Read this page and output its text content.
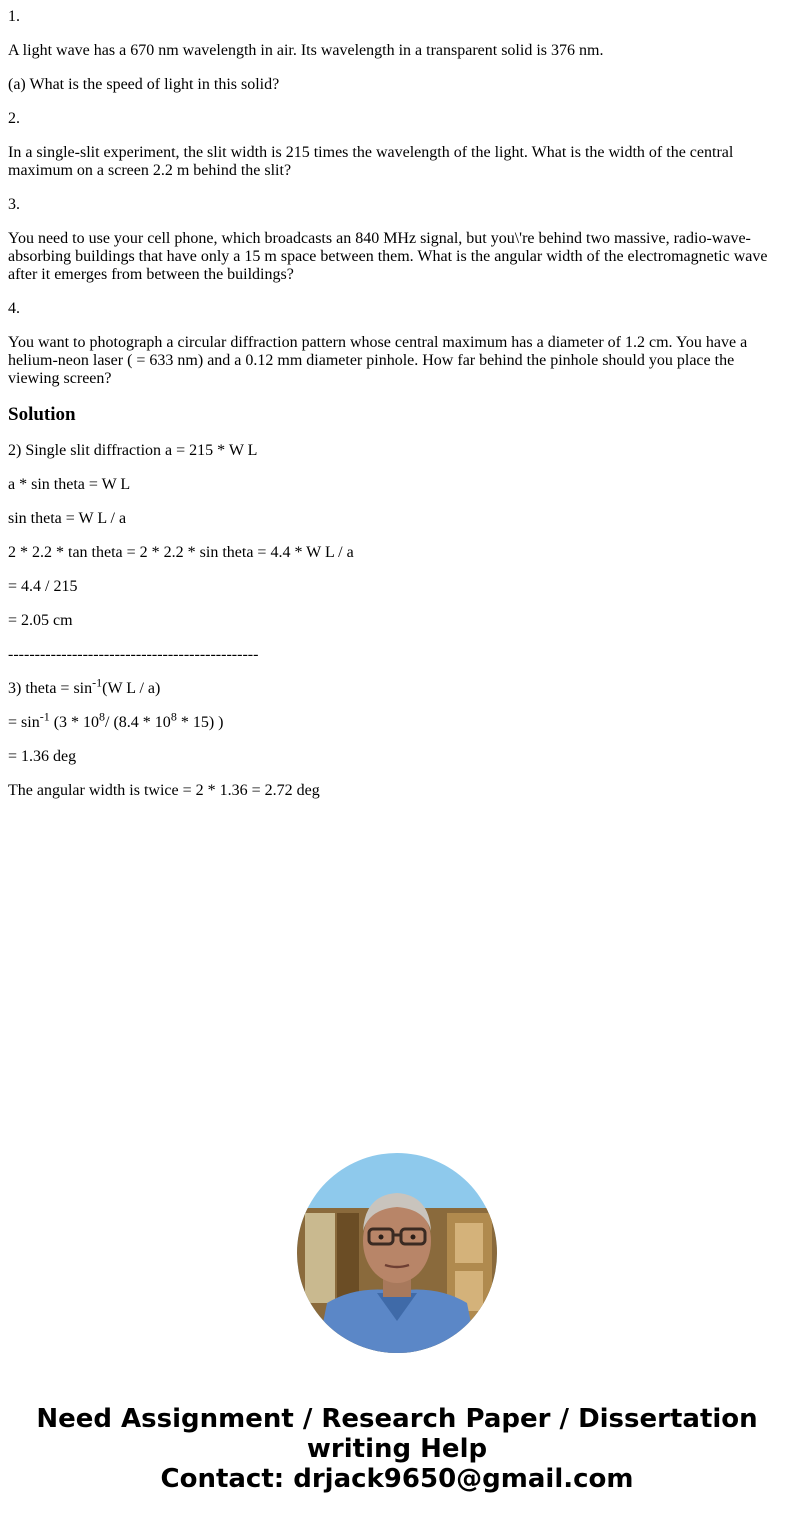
1.

A light wave has a 670 nm wavelength in air. Its wavelength in a transparent solid is 376 nm.

(a) What is the speed of light in this solid?

2.

In a single-slit experiment, the slit width is 215 times the wavelength of the light. What is the width of the central maximum on a screen 2.2 m behind the slit?

3.

You need to use your cell phone, which broadcasts an 840 MHz signal, but you\'re behind two massive, radio-wave-absorbing buildings that have only a 15 m space between them. What is the angular width of the electromagnetic wave after it emerges from between the buildings?

4.

You want to photograph a circular diffraction pattern whose central maximum has a diameter of 1.2 cm. You have a helium-neon laser ( = 633 nm) and a 0.12 mm diameter pinhole. How far behind the pinhole should you place the viewing screen?

Solution

2) Single slit diffraction a = 215 * W L

a * sin theta = W L

sin theta = W L / a

2 * 2.2 * tan theta = 2 * 2.2 * sin theta = 4.4 * W L / a

= 4.4 / 215

= 2.05 cm

-----------------------------------------------

3) theta = $\sin^{-1}(W$ L / a)

= $\sin^{-1} (3 * 10^8/$ $(8.4 * 10^8 * 15)$ )

= 1.36 deg

The angular width is twice = 2 * 1.36 = 2.72 deg

Need Assignment / Research Paper / Dissertation
writing Help
Contact: drjack9650@gmail.com
